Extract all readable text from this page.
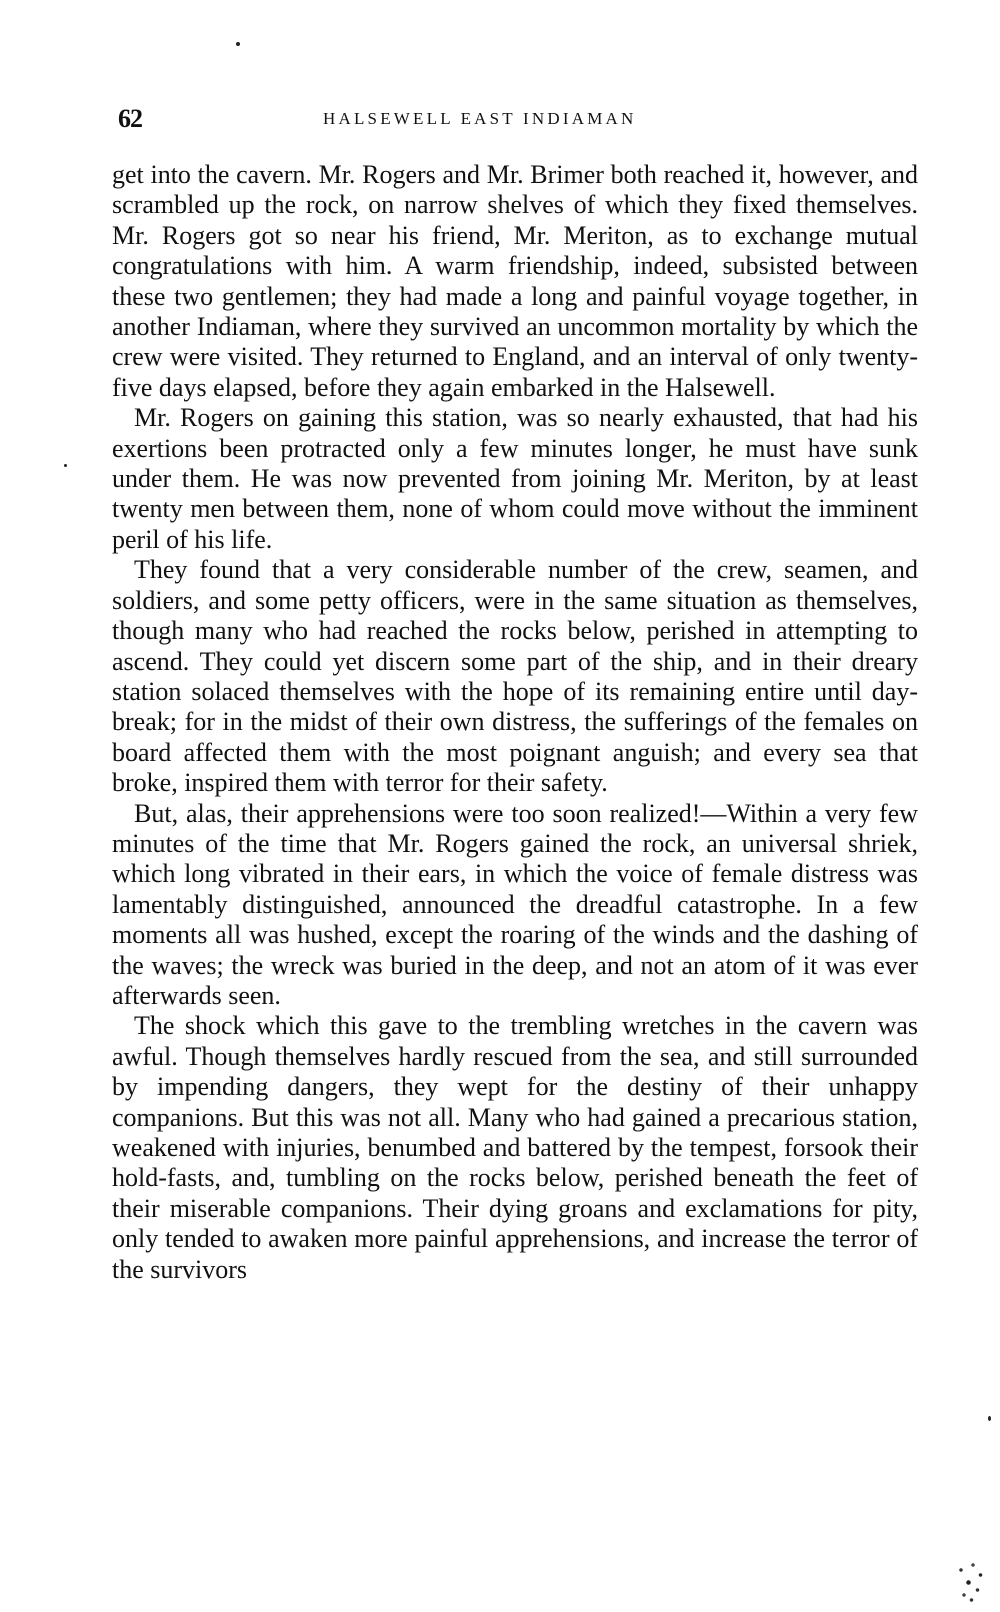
62	HALSEWELL EAST INDIAMAN

get into the cavern. Mr. Rogers and Mr. Brimer both reached it, however, and scrambled up the rock, on narrow shelves of which they fixed themselves. Mr. Rogers got so near his friend, Mr. Meriton, as to exchange mutual congratulations with him. A warm friendship, indeed, subsisted between these two gentlemen; they had made a long and painful voyage together, in another Indiaman, where they survived an uncommon mortality by which the crew were visited. They returned to England, and an interval of only twenty-five days elapsed, before they again embarked in the Halsewell.

Mr. Rogers on gaining this station, was so nearly exhausted, that had his exertions been protracted only a few minutes longer, he must have sunk under them. He was now prevented from joining Mr. Meriton, by at least twenty men between them, none of whom could move without the imminent peril of his life.

They found that a very considerable number of the crew, seamen, and soldiers, and some petty officers, were in the same situation as themselves, though many who had reached the rocks below, perished in attempting to ascend. They could yet discern some part of the ship, and in their dreary station solaced themselves with the hope of its remaining entire until day-break; for in the midst of their own distress, the sufferings of the females on board affected them with the most poignant anguish; and every sea that broke, inspired them with terror for their safety.

But, alas, their apprehensions were too soon realized!—Within a very few minutes of the time that Mr. Rogers gained the rock, an universal shriek, which long vibrated in their ears, in which the voice of female distress was lamentably distinguished, announced the dreadful catastrophe. In a few moments all was hushed, except the roaring of the winds and the dashing of the waves; the wreck was buried in the deep, and not an atom of it was ever afterwards seen.

The shock which this gave to the trembling wretches in the cavern was awful. Though themselves hardly rescued from the sea, and still surrounded by impending dangers, they wept for the destiny of their unhappy companions. But this was not all. Many who had gained a precarious station, weakened with injuries, benumbed and battered by the tempest, forsook their hold-fasts, and, tumbling on the rocks below, perished beneath the feet of their miserable companions. Their dying groans and exclamations for pity, only tended to awaken more painful apprehensions, and increase the terror of the survivors
